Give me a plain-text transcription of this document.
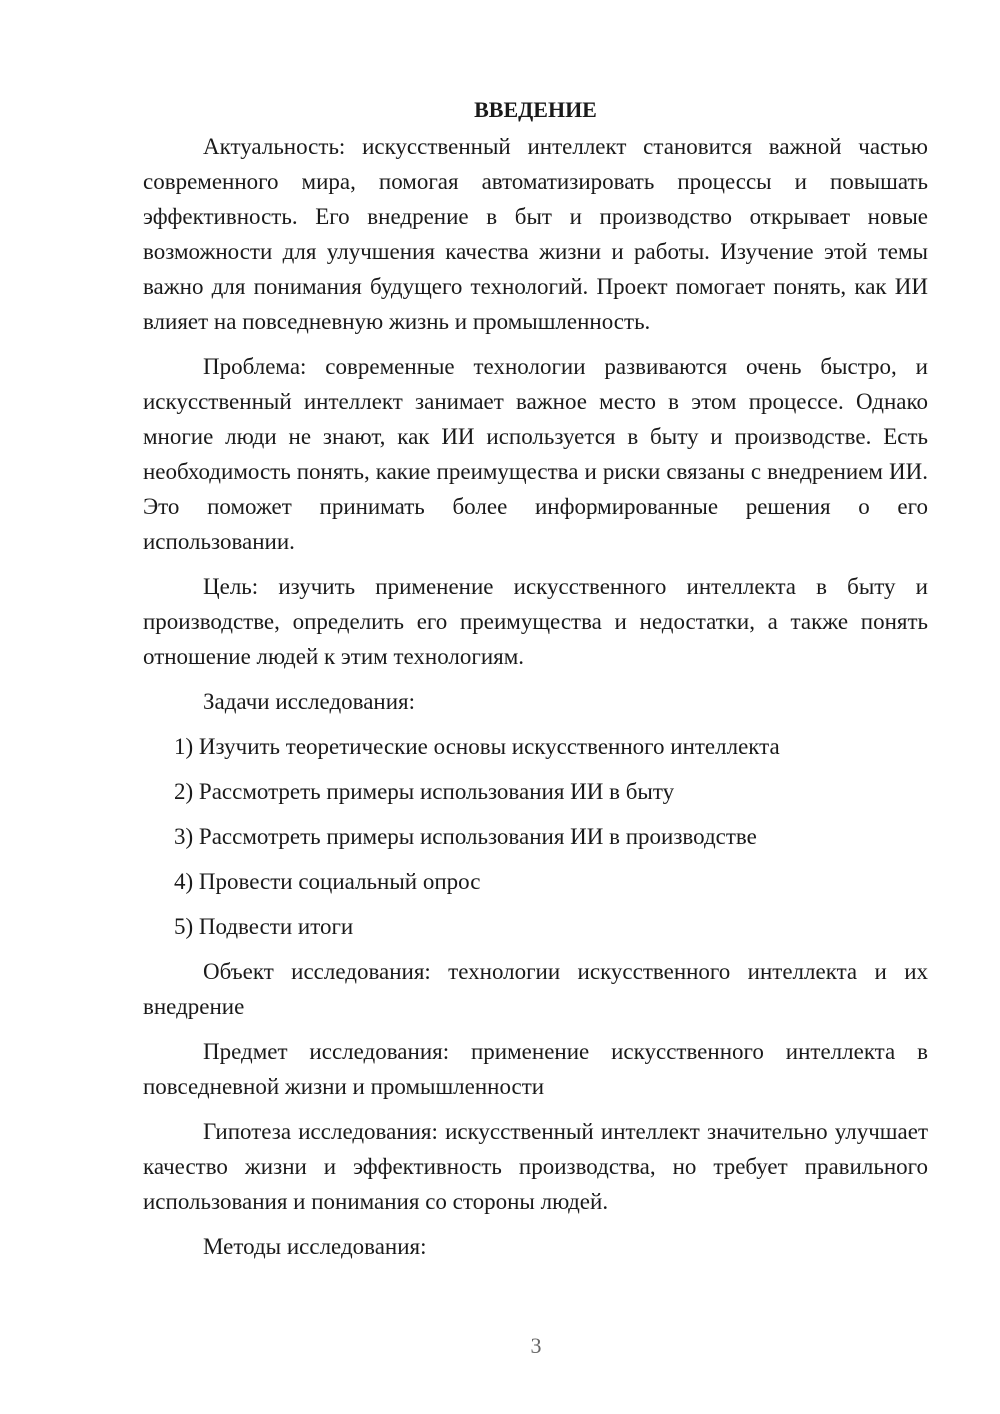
ВВЕДЕНИЕ

Актуальность: искусственный интеллект становится важной частью современного мира, помогая автоматизировать процессы и повышать эффективность. Его внедрение в быт и производство открывает новые возможности для улучшения качества жизни и работы. Изучение этой темы важно для понимания будущего технологий. Проект помогает понять, как ИИ влияет на повседневную жизнь и промышленность.

Проблема: современные технологии развиваются очень быстро, и искусственный интеллект занимает важное место в этом процессе. Однако многие люди не знают, как ИИ используется в быту и производстве. Есть необходимость понять, какие преимущества и риски связаны с внедрением ИИ. Это поможет принимать более информированные решения о его использовании.

Цель: изучить применение искусственного интеллекта в быту и производстве, определить его преимущества и недостатки, а также понять отношение людей к этим технологиям.

Задачи исследования:

1) Изучить теоретические основы искусственного интеллекта
2) Рассмотреть примеры использования ИИ в быту
3) Рассмотреть примеры использования ИИ в производстве
4) Провести социальный опрос
5) Подвести итоги

Объект исследования: технологии искусственного интеллекта и их внедрение

Предмет исследования: применение искусственного интеллекта в повседневной жизни и промышленности

Гипотеза исследования: искусственный интеллект значительно улучшает качество жизни и эффективность производства, но требует правильного использования и понимания со стороны людей.

Методы исследования:

3
